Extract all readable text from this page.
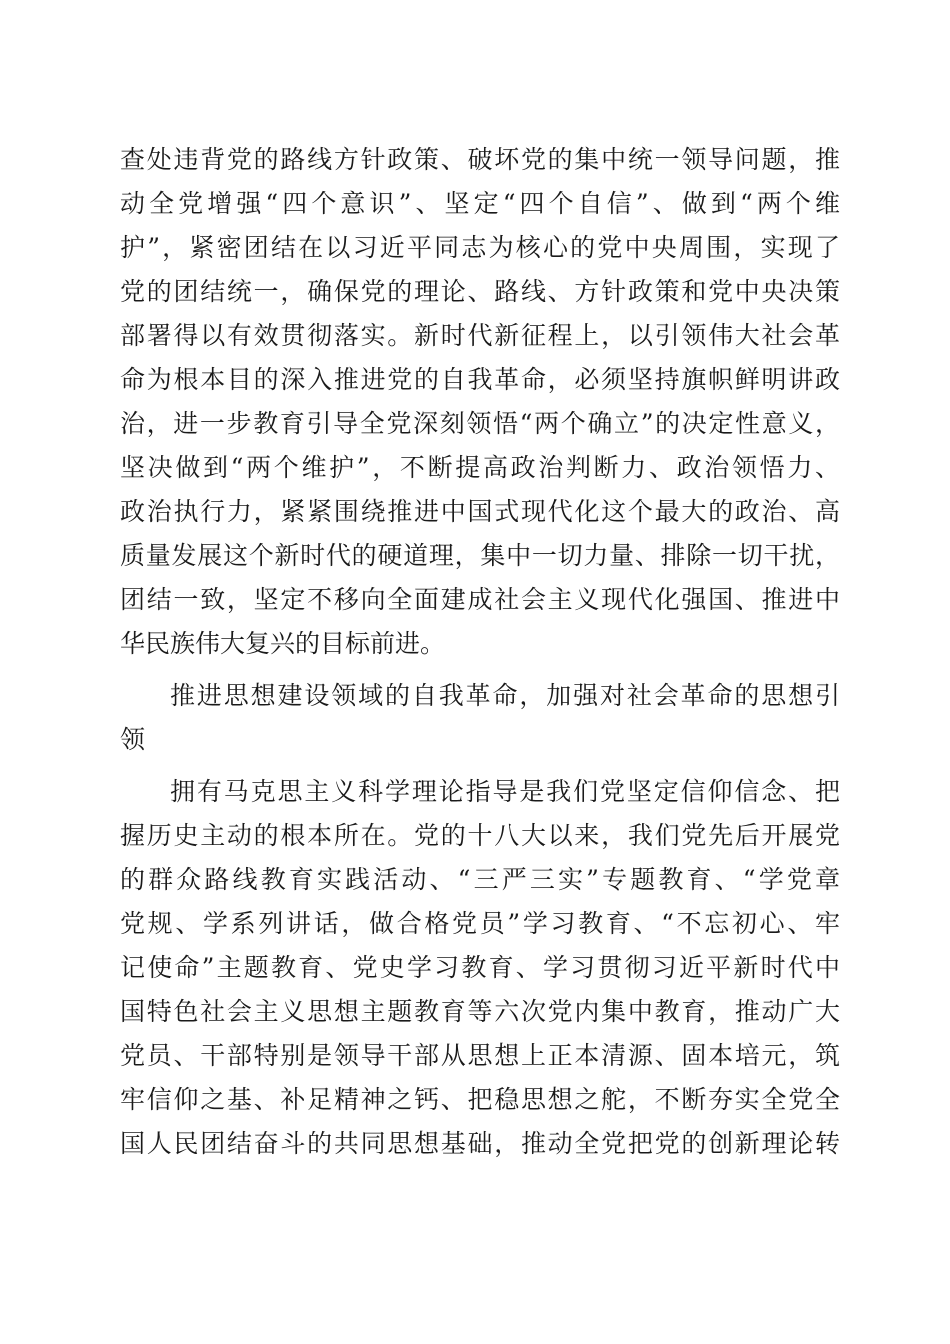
查处违背党的路线方针政策、破坏党的集中统一领导问题，推
动全党增强“四个意识”、坚定“四个自信”、做到“两个维
护”，紧密团结在以习近平同志为核心的党中央周围，实现了
党的团结统一，确保党的理论、路线、方针政策和党中央决策
部署得以有效贯彻落实。新时代新征程上，以引领伟大社会革
命为根本目的深入推进党的自我革命，必须坚持旗帜鲜明讲政
治，进一步教育引导全党深刻领悟“两个确立”的决定性意义，
坚决做到“两个维护”，不断提高政治判断力、政治领悟力、
政治执行力，紧紧围绕推进中国式现代化这个最大的政治、高
质量发展这个新时代的硬道理，集中一切力量、排除一切干扰，
团结一致，坚定不移向全面建成社会主义现代化强国、推进中
华民族伟大复兴的目标前进。
推进思想建设领域的自我革命，加强对社会革命的思想引
领
拥有马克思主义科学理论指导是我们党坚定信仰信念、把
握历史主动的根本所在。党的十八大以来，我们党先后开展党
的群众路线教育实践活动、“三严三实”专题教育、“学党章
党规、学系列讲话，做合格党员”学习教育、“不忘初心、牢
记使命”主题教育、党史学习教育、学习贯彻习近平新时代中
国特色社会主义思想主题教育等六次党内集中教育，推动广大
党员、干部特别是领导干部从思想上正本清源、固本培元，筑
牢信仰之基、补足精神之钙、把稳思想之舵，不断夯实全党全
国人民团结奋斗的共同思想基础，推动全党把党的创新理论转
